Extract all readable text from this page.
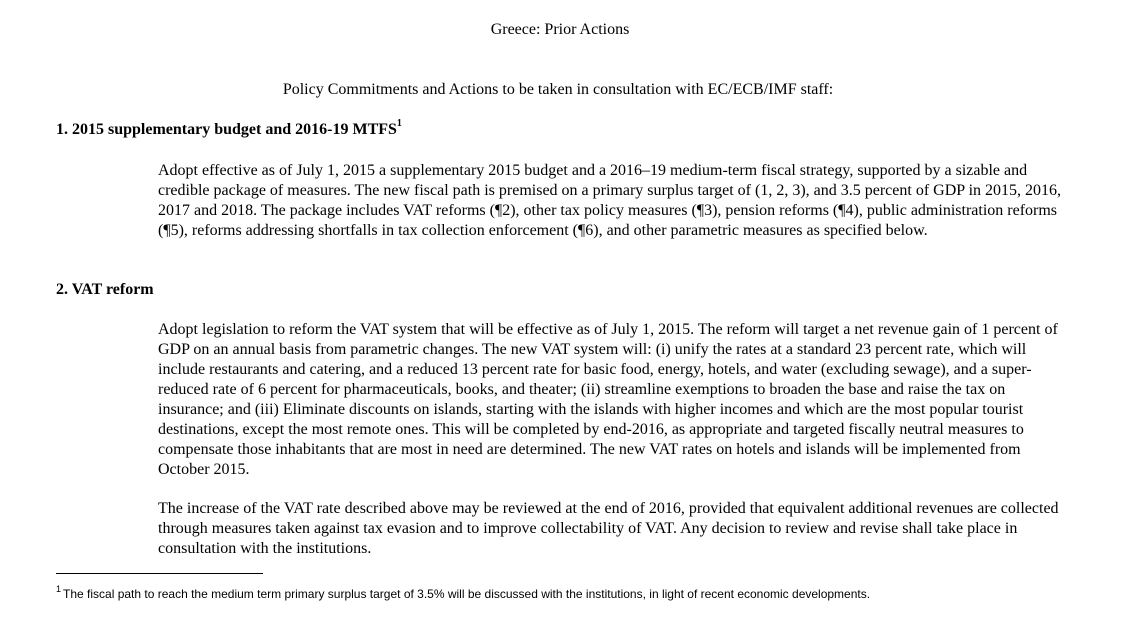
Greece: Prior Actions
Policy Commitments and Actions to be taken in consultation with EC/ECB/IMF staff:
1. 2015 supplementary budget and 2016-19 MTFS$^1$

Adopt effective as of July 1, 2015 a supplementary 2015 budget and a 2016–19 medium-term fiscal strategy, supported by a sizable and credible package of measures. The new fiscal path is premised on a primary surplus target of (1, 2, 3), and 3.5 percent of GDP in 2015, 2016, 2017 and 2018. The package includes VAT reforms (¶2), other tax policy measures (¶3), pension reforms (¶4), public administration reforms (¶5), reforms addressing shortfalls in tax collection enforcement (¶6), and other parametric measures as specified below.

2. VAT reform

Adopt legislation to reform the VAT system that will be effective as of July 1, 2015. The reform will target a net revenue gain of 1 percent of GDP on an annual basis from parametric changes. The new VAT system will: (i) unify the rates at a standard 23 percent rate, which will include restaurants and catering, and a reduced 13 percent rate for basic food, energy, hotels, and water (excluding sewage), and a super-reduced rate of 6 percent for pharmaceuticals, books, and theater; (ii) streamline exemptions to broaden the base and raise the tax on insurance; and (iii) Eliminate discounts on islands, starting with the islands with higher incomes and which are the most popular tourist destinations, except the most remote ones. This will be completed by end-2016, as appropriate and targeted fiscally neutral measures to compensate those inhabitants that are most in need are determined. The new VAT rates on hotels and islands will be implemented from October 2015.

The increase of the VAT rate described above may be reviewed at the end of 2016, provided that equivalent additional revenues are collected through measures taken against tax evasion and to improve collectability of VAT. Any decision to review and revise shall take place in consultation with the institutions.

$^1$ The fiscal path to reach the medium term primary surplus target of 3.5% will be discussed with the institutions, in light of recent economic developments.
